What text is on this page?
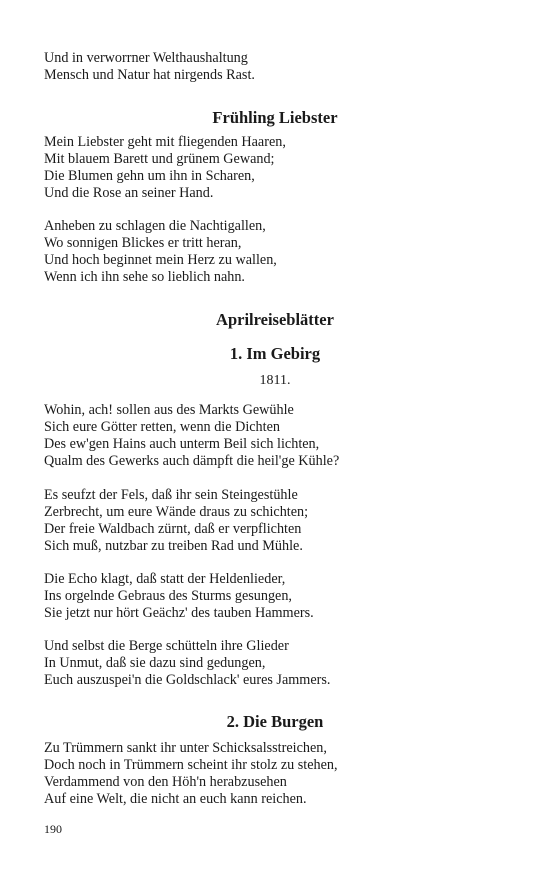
Und in verworrner Welthaushaltung
Mensch und Natur hat nirgends Rast.
Frühling Liebster
Mein Liebster geht mit fliegenden Haaren,
Mit blauem Barett und grünem Gewand;
Die Blumen gehn um ihn in Scharen,
Und die Rose an seiner Hand.
Anheben zu schlagen die Nachtigallen,
Wo sonnigen Blickes er tritt heran,
Und hoch beginnet mein Herz zu wallen,
Wenn ich ihn sehe so lieblich nahn.
Aprilreiseblätter
1. Im Gebirg
1811.
Wohin, ach! sollen aus des Markts Gewühle
Sich eure Götter retten, wenn die Dichten
Des ew'gen Hains auch unterm Beil sich lichten,
Qualm des Gewerks auch dämpft die heil'ge Kühle?
Es seufzt der Fels, daß ihr sein Steingestühle
Zerbrecht, um eure Wände draus zu schichten;
Der freie Waldbach zürnt, daß er verpflichten
Sich muß, nutzbar zu treiben Rad und Mühle.
Die Echo klagt, daß statt der Heldenlieder,
Ins orgelnde Gebraus des Sturms gesungen,
Sie jetzt nur hört Geächz' des tauben Hammers.
Und selbst die Berge schütteln ihre Glieder
In Unmut, daß sie dazu sind gedungen,
Euch auszuspei'n die Goldschlack' eures Jammers.
2. Die Burgen
Zu Trümmern sankt ihr unter Schicksalsstreichen,
Doch noch in Trümmern scheint ihr stolz zu stehen,
Verdammend von den Höh'n herabzusehen
Auf eine Welt, die nicht an euch kann reichen.
190
